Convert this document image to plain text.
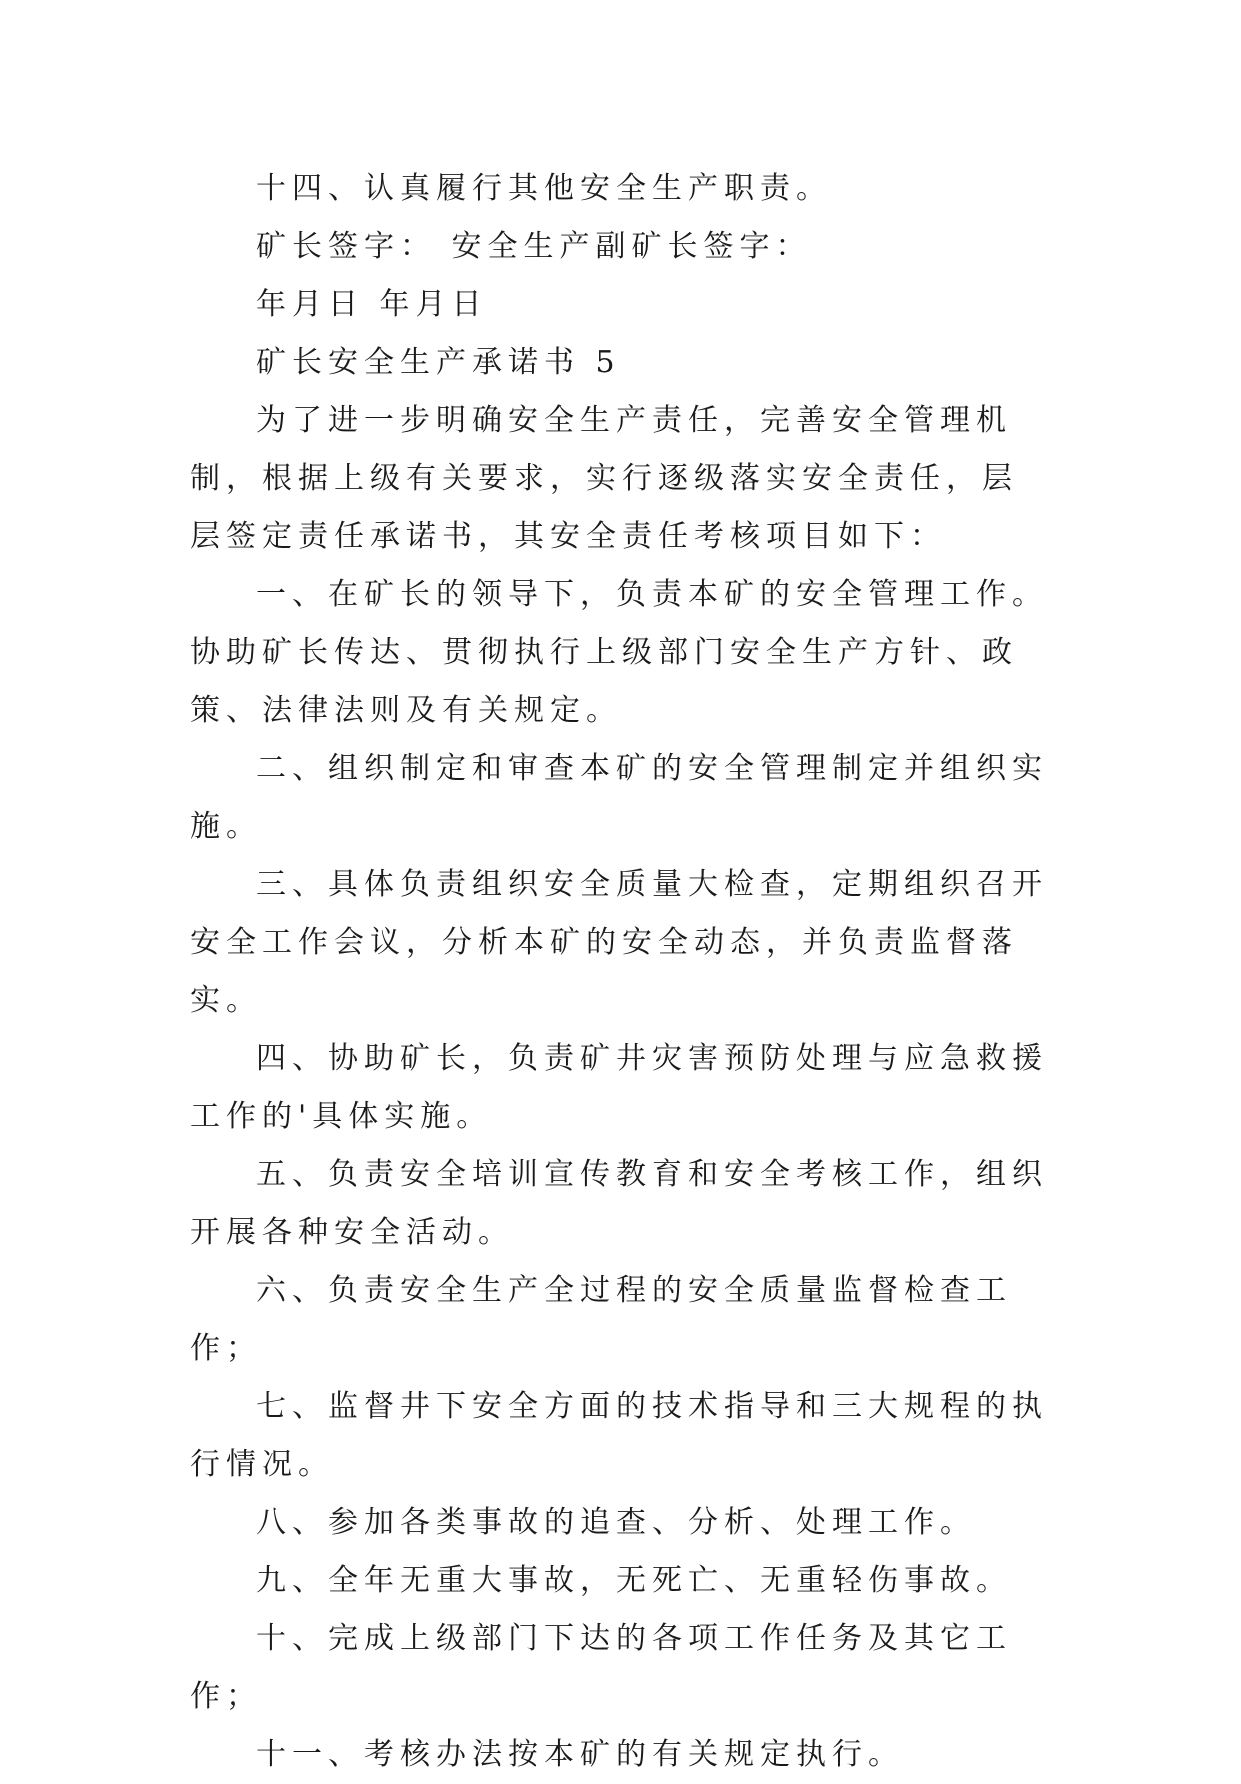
十四、认真履行其他安全生产职责。

矿长签字： 安全生产副矿长签字：

年月日 年月日

矿长安全生产承诺书 5

为了进一步明确安全生产责任，完善安全管理机制，根据上级有关要求，实行逐级落实安全责任，层层签定责任承诺书，其安全责任考核项目如下：

一、在矿长的领导下，负责本矿的安全管理工作。协助矿长传达、贯彻执行上级部门安全生产方针、政策、法律法则及有关规定。

二、组织制定和审查本矿的安全管理制定并组织实施。

三、具体负责组织安全质量大检查，定期组织召开安全工作会议，分析本矿的安全动态，并负责监督落实。

四、协助矿长，负责矿井灾害预防处理与应急救援工作的'具体实施。

五、负责安全培训宣传教育和安全考核工作，组织开展各种安全活动。

六、负责安全生产全过程的安全质量监督检查工作；

七、监督井下安全方面的技术指导和三大规程的执行情况。

八、参加各类事故的追查、分析、处理工作。

九、全年无重大事故，无死亡、无重轻伤事故。

十、完成上级部门下达的各项工作任务及其它工作；

十一、考核办法按本矿的有关规定执行。
